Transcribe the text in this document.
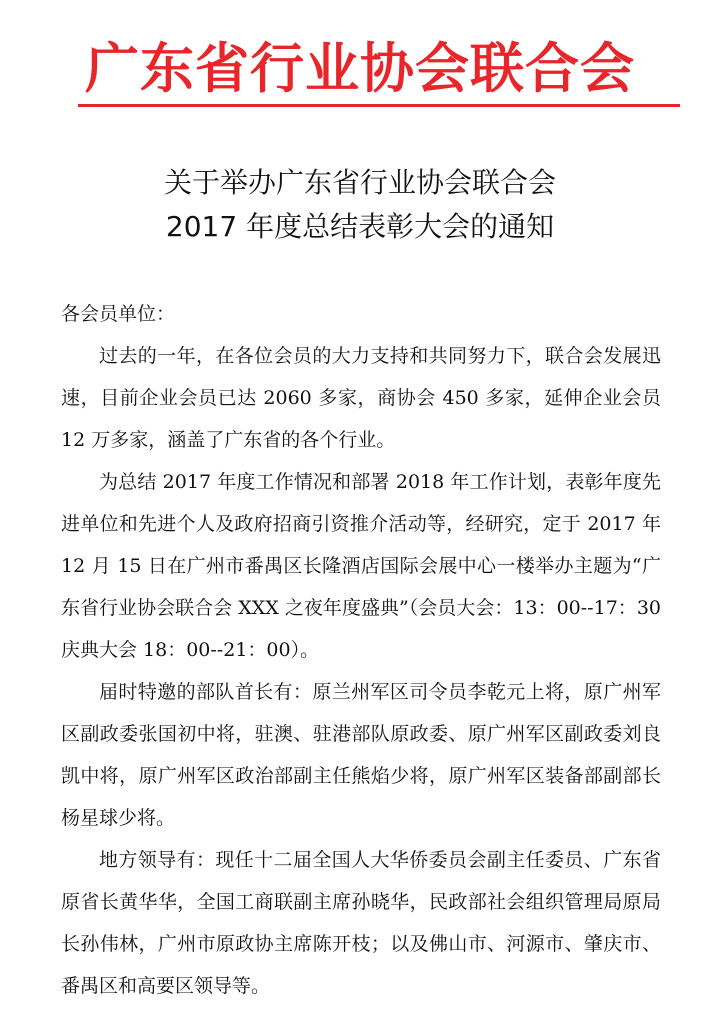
广东省行业协会联合会
关于举办广东省行业协会联合会
2017 年度总结表彰大会的通知

各会员单位：

过去的一年，在各位会员的大力支持和共同努力下，联合会发展迅速，目前企业会员已达 2060 多家，商协会 450 多家，延伸企业会员 12 万多家，涵盖了广东省的各个行业。

为总结 2017 年度工作情况和部署 2018 年工作计划，表彰年度先进单位和先进个人及政府招商引资推介活动等，经研究，定于 2017 年 12 月 15 日在广州市番禺区长隆酒店国际会展中心一楼举办主题为“广东省行业协会联合会 XXX 之夜年度盛典”（会员大会：13：00--17：30　庆典大会 18：00--21：00）。

届时特邀的部队首长有：原兰州军区司令员李乾元上将，原广州军区副政委张国初中将，驻澳、驻港部队原政委、原广州军区副政委刘良凯中将，原广州军区政治部副主任熊焰少将，原广州军区装备部副部长杨星球少将。

地方领导有：现任十二届全国人大华侨委员会副主任委员、广东省原省长黄华华，全国工商联副主席孙晓华，民政部社会组织管理局原局长孙伟林，广州市原政协主席陈开枝；以及佛山市、河源市、肇庆市、番禺区和高要区领导等。
